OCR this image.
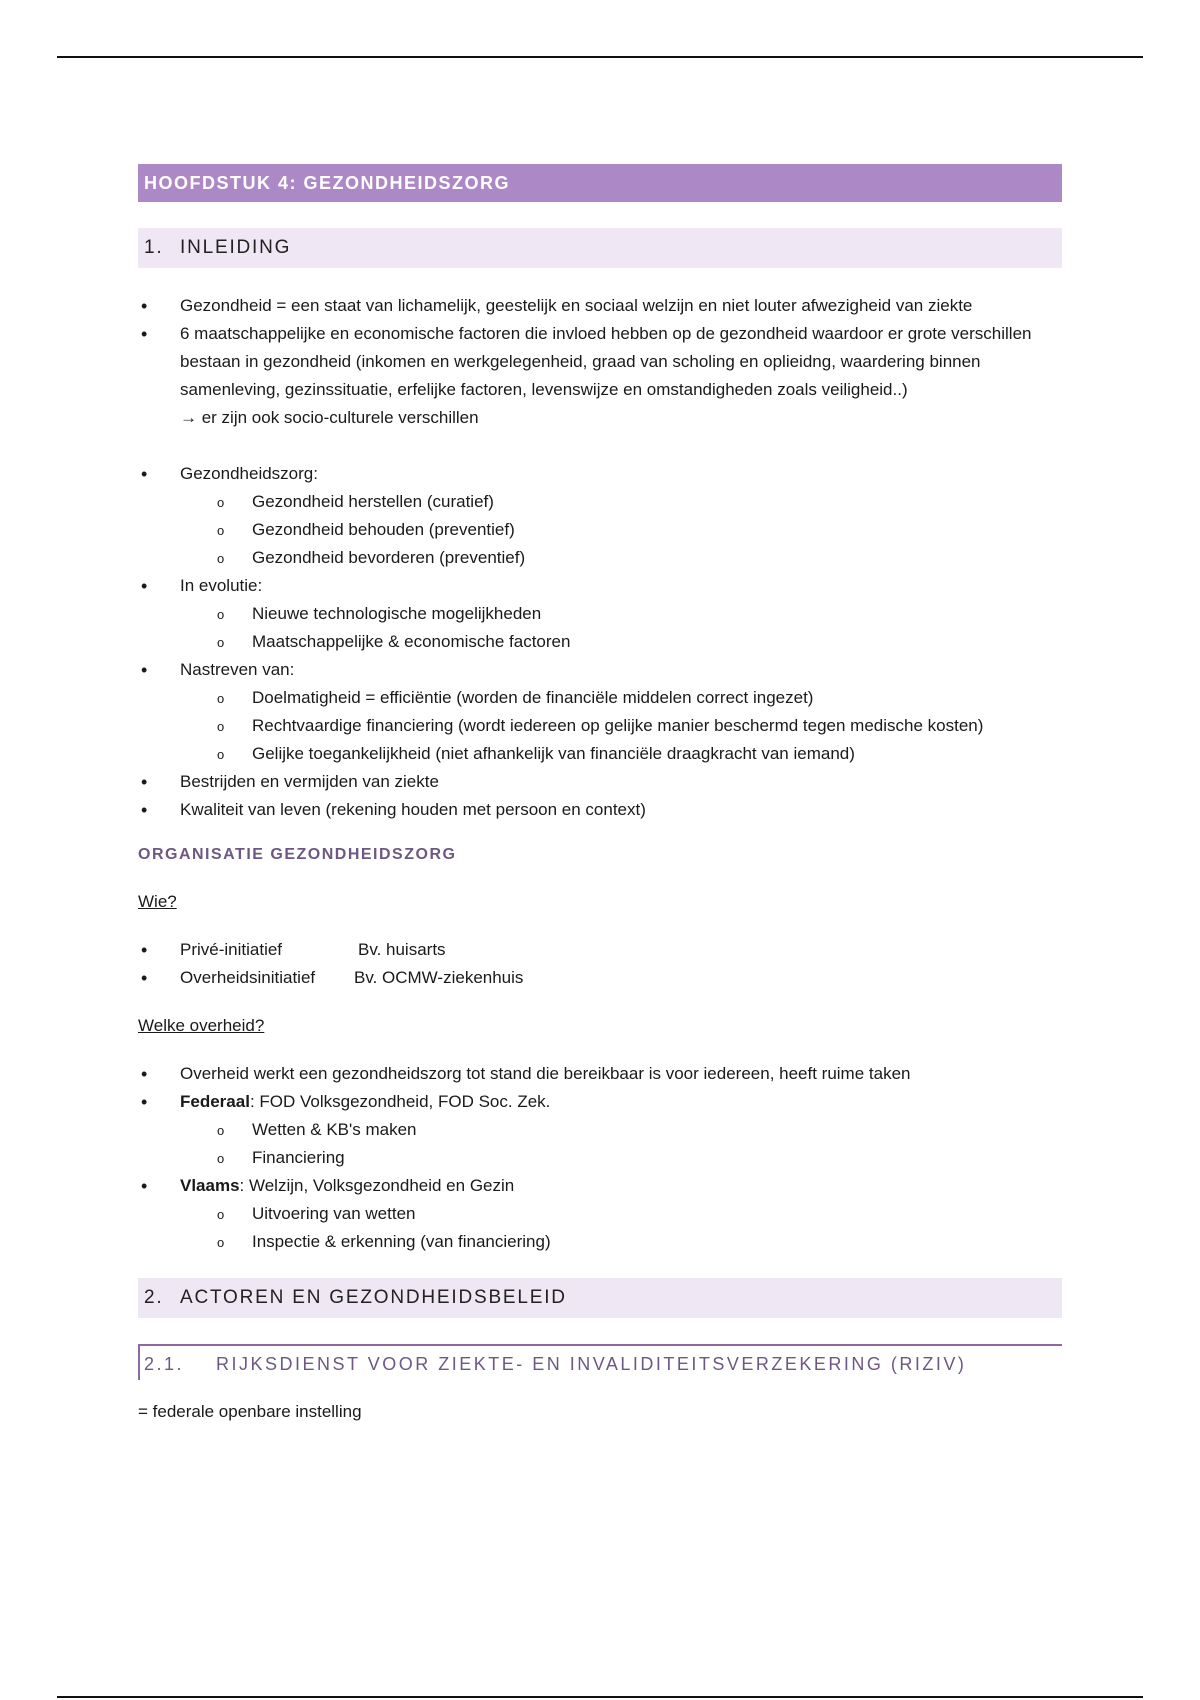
HOOFDSTUK 4: GEZONDHEIDSZORG
1. INLEIDING
• Gezondheid = een staat van lichamelijk, geestelijk en sociaal welzijn en niet louter afwezigheid van ziekte
• 6 maatschappelijke en economische factoren die invloed hebben op de gezondheid waardoor er grote verschillen bestaan in gezondheid (inkomen en werkgelegenheid, graad van scholing en oplieidng, waardering binnen samenleving, gezinssituatie, erfelijke factoren, levenswijze en omstandigheden zoals veiligheid..)
→ er zijn ook socio-culturele verschillen
• Gezondheidszorg:
o Gezondheid herstellen (curatief)
o Gezondheid behouden (preventief)
o Gezondheid bevorderen (preventief)
• In evolutie:
o Nieuwe technologische mogelijkheden
o Maatschappelijke & economische factoren
• Nastreven van:
o Doelmatigheid = efficiëntie (worden de financiële middelen correct ingezet)
o Rechtvaardige financiering (wordt iedereen op gelijke manier beschermd tegen medische kosten)
o Gelijke toegankelijkheid (niet afhankelijk van financiële draagkracht van iemand)
• Bestrijden en vermijden van ziekte
• Kwaliteit van leven (rekening houden met persoon en context)
ORGANISATIE GEZONDHEIDSZORG
Wie?
• Privé-initiatief	Bv. huisarts
• Overheidsinitiatief Bv. OCMW-ziekenhuis
Welke overheid?
• Overheid werkt een gezondheidszorg tot stand die bereikbaar is voor iedereen, heeft ruime taken
• Federaal: FOD Volksgezondheid, FOD Soc. Zek.
o Wetten & KB's maken
o Financiering
• Vlaams: Welzijn, Volksgezondheid en Gezin
o Uitvoering van wetten
o Inspectie & erkenning (van financiering)
2. ACTOREN EN GEZONDHEIDSBELEID
2.1.	RIJKSDIENST VOOR ZIEKTE- EN INVALIDITEITSVERZEKERING (RIZIV)
= federale openbare instelling
